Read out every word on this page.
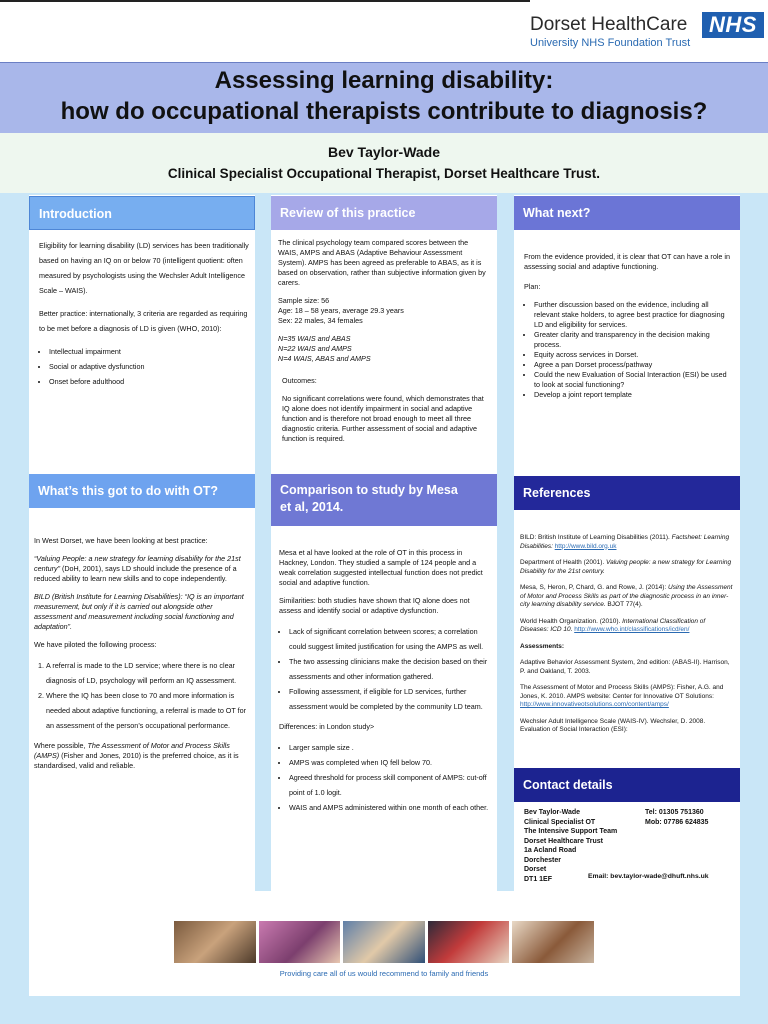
Dorset HealthCare
University NHS Foundation Trust
NHS
Assessing learning disability:
how do occupational therapists contribute to diagnosis?
Bev Taylor-Wade
Clinical Specialist Occupational Therapist, Dorset Healthcare Trust.
Introduction

Eligibility for learning disability (LD) services has been traditionally based on having an IQ on or below 70 (intelligent quotient: often measured by psychologists using the Wechsler Adult Intelligence Scale – WAIS).

Better practice: internationally, 3 criteria are regarded as requiring to be met before a diagnosis of LD is given (WHO, 2010):

• Intellectual impairment
• Social or adaptive dysfunction
• Onset before adulthood
What’s this got to do with OT?

In West Dorset, we have been looking at best practice:

“Valuing People: a new strategy for learning disability for the 21st century” (DoH, 2001), says LD should include the presence of a reduced ability to learn new skills and to cope independently.

BILD (British Institute for Learning Disabilities): “IQ is an important measurement, but only if it is carried out alongside other assessment and measurement including social functioning and adaptation”.

We have piloted the following process:

1. A referral is made to the LD service; where there is no clear diagnosis of LD, psychology will perform an IQ assessment.
2. Where the IQ has been close to 70 and more information is needed about adaptive functioning, a referral is made to OT for an assessment of the person’s occupational performance.

Where possible, The Assessment of Motor and Process Skills (AMPS) (Fisher and Jones, 2010) is the preferred choice, as it is standardised, valid and reliable.

Review of this practice

The clinical psychology team compared scores between the WAIS, AMPS and ABAS (Adaptive Behaviour Assessment System). AMPS has been agreed as preferable to ABAS, as it is based on observation, rather than subjective information given by carers.

Sample size: 56
Age: 18 – 58 years, average 29.3 years
Sex: 22 males, 34 females

N=35 WAIS and ABAS
N=22 WAIS and AMPS
N=4 WAIS, ABAS and AMPS

Outcomes:

No significant correlations were found, which demonstrates that IQ alone does not identify impairment in social and adaptive function and is therefore not broad enough to meet all three diagnostic criteria. Further assessment of social and adaptive function is required.

Comparison to study by Mesa
et al, 2014.

Mesa et al have looked at the role of OT in this process in Hackney, London. They studied a sample of 124 people and a weak correlation suggested intellectual function does not predict social and adaptive function.

Similarities: both studies have shown that IQ alone does not assess and identify social or adaptive dysfunction.

• Lack of significant correlation between scores; a correlation could suggest limited justification for using the AMPS as well.
• The two assessing clinicians make the decision based on their assessments and other information gathered.
• Following assessment, if eligible for LD services, further assessment would be completed by the community LD team.

Differences: in London study>

• Larger sample size .
• AMPS was completed when IQ fell below 70.
• Agreed threshold for process skill component of AMPS: cut-off point of 1.0 logit.
• WAIS and AMPS administered within one month of each other.
What next?

From the evidence provided, it is clear that OT can have a role in assessing social and adaptive functioning.

Plan:

• Further discussion based on the evidence, including all relevant stake holders, to agree best practice for diagnosing LD and eligibility for services.
• Greater clarity and transparency in the decision making process.
• Equity across services in Dorset.
• Agree a pan Dorset process/pathway
• Could the new Evaluation of Social Interaction (ESI) be used to look at social functioning?
• Develop a joint report template
References

BILD: British Institute of Learning Disabilities (2011). Factsheet: Learning Disabilities: http://www.bild.org.uk

Department of Health (2001). Valuing people: a new strategy for Learning Disability for the 21st century.

Mesa, S, Heron, P, Chard, G. and Rowe, J. (2014): Using the Assessment of Motor and Process Skills as part of the diagnostic process in an inner-city learning disability service. BJOT 77(4).

World Health Organization. (2010). International Classification of Diseases: ICD 10. http://www.who.int/classifications/icd/en/

Assessments:

Adaptive Behavior Assessment System, 2nd edition: (ABAS-II). Harrison, P. and Oakland, T. 2003.

The Assessment of Motor and Process Skills (AMPS): Fisher, A.G. and Jones, K. 2010. AMPS website: Center for Innovative OT Solutions: http://www.innovativeotsolutions.com/content/amps/

Wechsler Adult Intelligence Scale (WAIS-IV). Wechsler, D. 2008.

Evaluation of Social Interaction (ESI):

Contact details
Bev Taylor-Wade
Clinical Specialist OT
The Intensive Support Team
Dorset Healthcare Trust
1a Acland Road
Dorchester
Dorset
DT1 1EF
Tel: 01305 751360
Mob: 07786 624835
Email: bev.taylor-wade@dhuft.nhs.uk
Providing care all of us would recommend to family and friends
